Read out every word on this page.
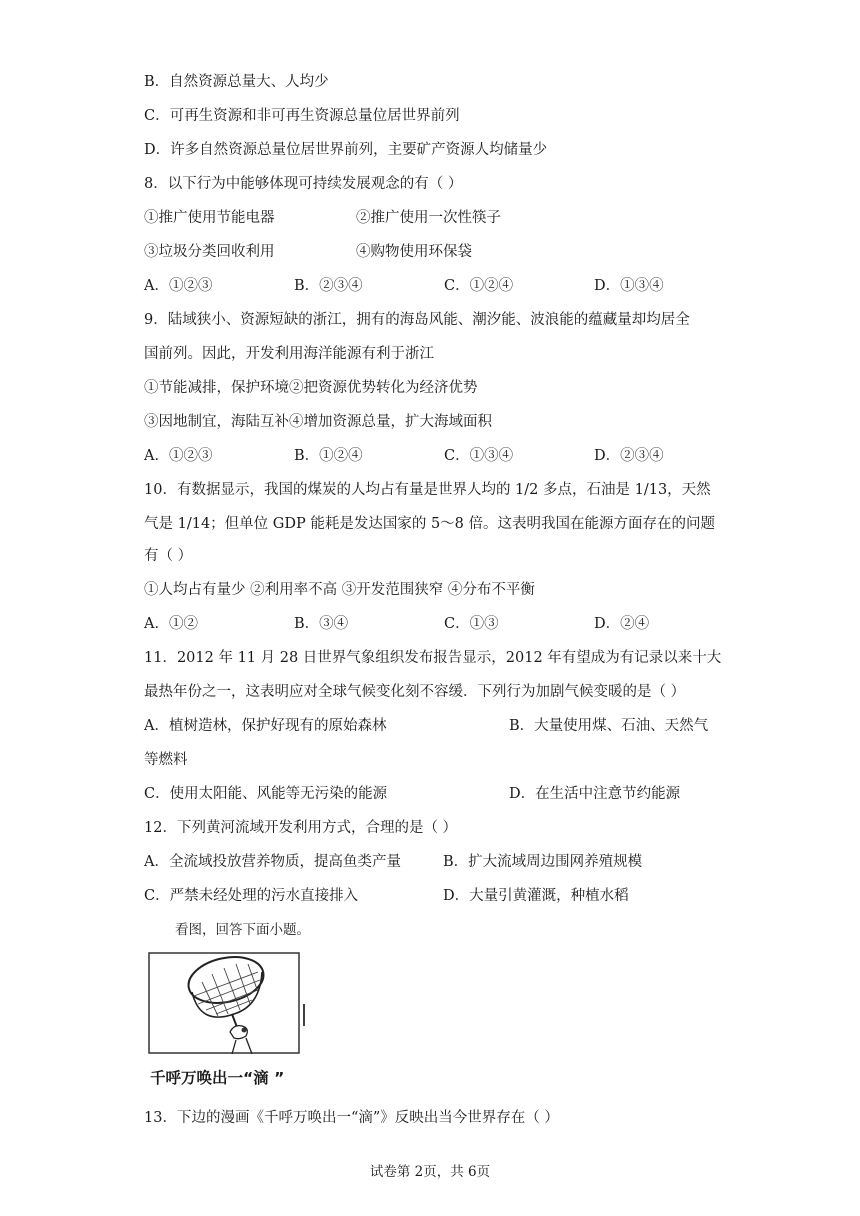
B．自然资源总量大、人均少
C．可再生资源和非可再生资源总量位居世界前列
D．许多自然资源总量位居世界前列，主要矿产资源人均储量少
8．以下行为中能够体现可持续发展观念的有（ ）
①推广使用节能电器	②推广使用一次性筷子
③垃圾分类回收利用	④购物使用环保袋
A．①②③	B．②③④	C．①②④	D．①③④
9．陆域狭小、资源短缺的浙江，拥有的海岛风能、潮汐能、波浪能的蕴藏量却均居全
国前列。因此，开发利用海洋能源有利于浙江
①节能减排，保护环境②把资源优势转化为经济优势
③因地制宜，海陆互补④增加资源总量，扩大海域面积
A．①②③	B．①②④	C．①③④	D．②③④
10．有数据显示，我国的煤炭的人均占有量是世界人均的 1/2 多点，石油是 1/13，天然
气是 1/14；但单位 GDP 能耗是发达国家的 5～8 倍。这表明我国在能源方面存在的问题
有（ ）
①人均占有量少 ②利用率不高 ③开发范围狭窄 ④分布不平衡
A．①②	B．③④	C．①③	D．②④
11．2012 年 11 月 28 日世界气象组织发布报告显示，2012 年有望成为有记录以来十大
最热年份之一，这表明应对全球气候变化刻不容缓．下列行为加剧气候变暖的是（ ）
A．植树造林，保护好现有的原始森林	B．大量使用煤、石油、天然气
等燃料
C．使用太阳能、风能等无污染的能源	D．在生活中注意节约能源
12．下列黄河流域开发利用方式，合理的是（ ）
A．全流域投放营养物质，提高鱼类产量	B．扩大流域周边围网养殖规模
C．严禁未经处理的污水直接排入	D．大量引黄灌溉，种植水稻
看图，回答下面小题。
千呼万唤出一“滴 ”
13．下边的漫画《千呼万唤出一“滴”》反映出当今世界存在（ ）
试卷第 2页，共 6页
